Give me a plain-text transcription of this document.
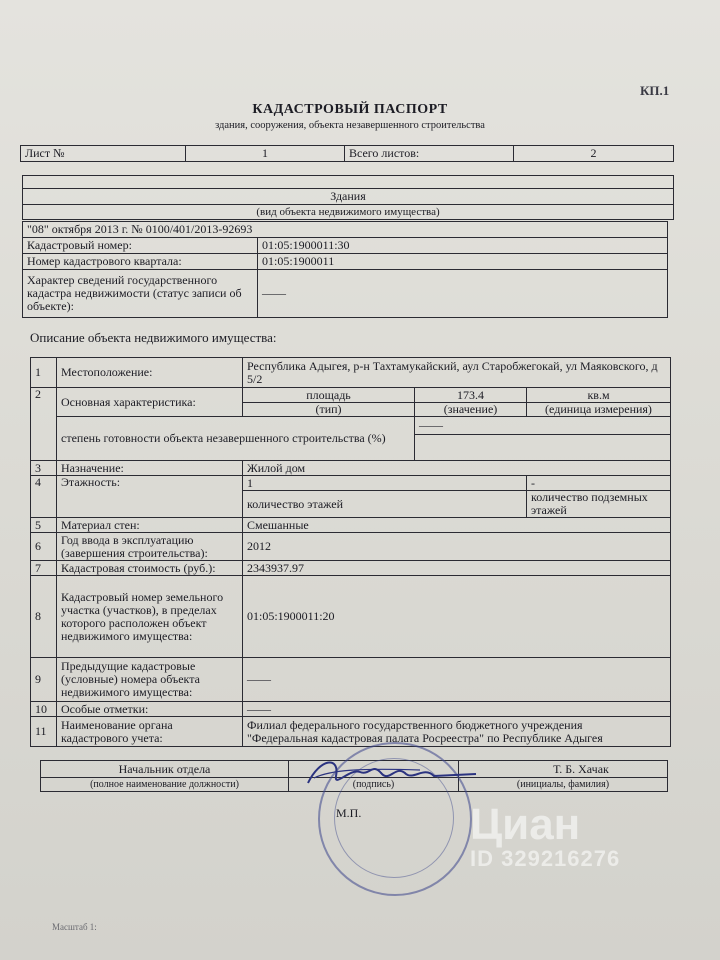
КП.1
КАДАСТРОВЫЙ ПАСПОРТ
здания, сооружения, объекта незавершенного строительства
Лист №	1	Всего листов:	2

Здания
(вид объекта недвижимого имущества)
"08" октября 2013 г. № 0100/401/2013-92693	
Кадастровый номер:	01:05:1900011:30
Номер кадастрового квартала:	01:05:1900011
Характер сведений государственного кадастра недвижимости (статус записи об объекте):	——
Описание объекта недвижимого имущества:
1	Местоположение:	Республика Адыгея, р-н Тахтамукайский, аул Старобжегокай, ул Маяковского, д 5/2		
2	Основная характеристика:	площадь	173.4	кв.м
		(тип)	(значение)	(единица измерения)
	степень готовности объекта незавершенного строительства (%)		——	

3	Назначение:	Жилой дом		
4	Этажность:	1		-
		количество этажей		количество подземных этажей
5	Материал стен:	Смешанные		
6	Год ввода в эксплуатацию (завершения строительства):	2012		
7	Кадастровая стоимость (руб.):	2343937.97		
8	Кадастровый номер земельного участка (участков), в пределах которого расположен объект недвижимого имущества:	01:05:1900011:20		
9	Предыдущие кадастровые (условные) номера объекта недвижимого имущества:	——		
10	Особые отметки:	——		
11	Наименование органа кадастрового учета:	Филиал федерального государственного бюджетного учреждения
"Федеральная кадастровая палата Росреестра" по Республике Адыгея		
Начальник отдела		Т. Б. Хачак
(полное наименование должности)	(подпись)	(инициалы, фамилия)
М.П. Циан
ID 329216276
Масштаб 1:
